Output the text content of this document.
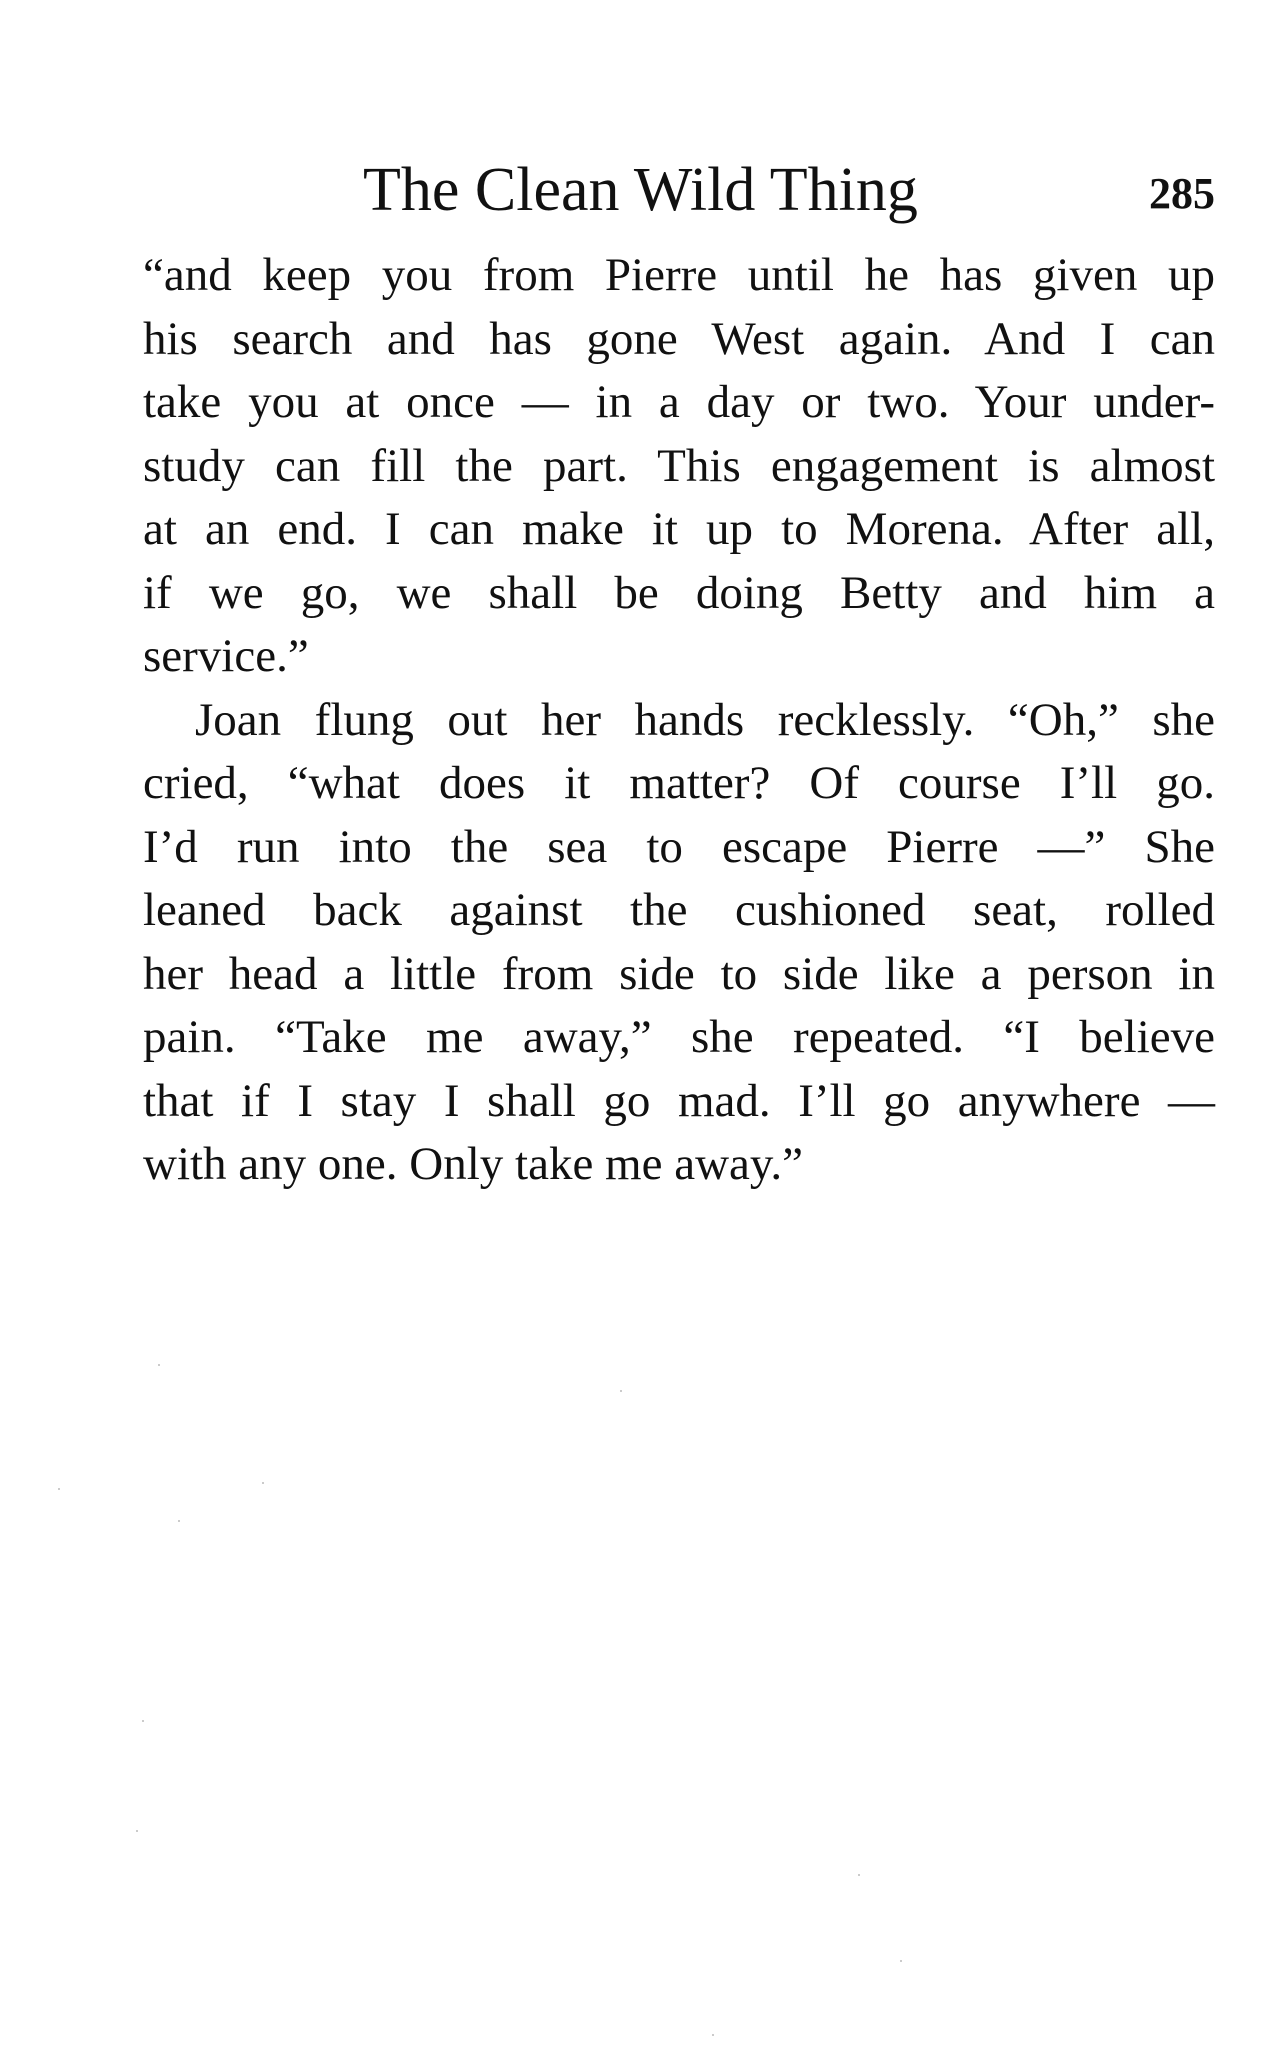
The Clean Wild Thing	285
“and keep you from Pierre until he has given up
his search and has gone West again. And I can
take you at once — in a day or two. Your under-
study can fill the part. This engagement is almost
at an end. I can make it up to Morena. After all,
if we go, we shall be doing Betty and him a
service.”
Joan flung out her hands recklessly. “Oh,” she
cried, “what does it matter? Of course I’ll go.
I’d run into the sea to escape Pierre —” She
leaned back against the cushioned seat, rolled
her head a little from side to side like a person in
pain. “Take me away,” she repeated. “I believe
that if I stay I shall go mad. I’ll go anywhere —
with any one. Only take me away.”
